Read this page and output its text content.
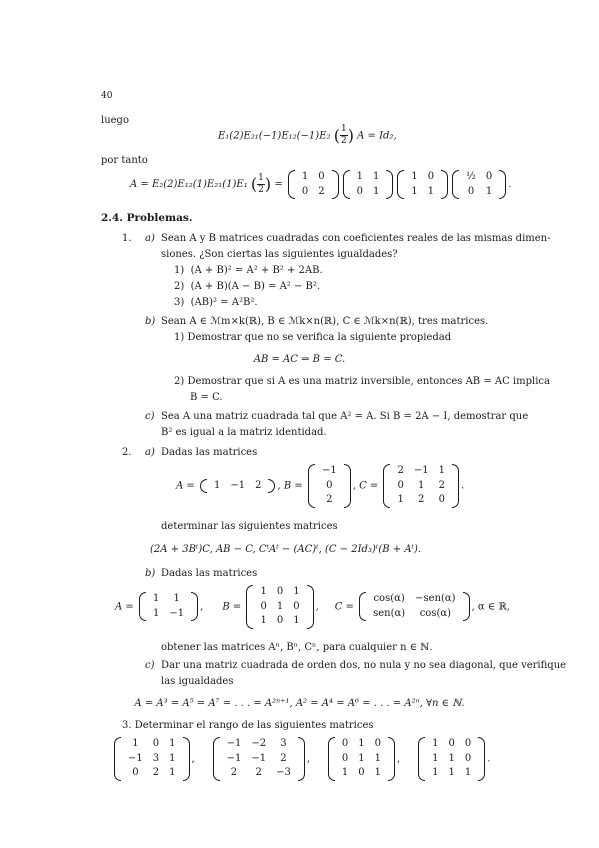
40
luego
E₁(2)E₂₁(−1)E₁₂(−1)E₂ ( $\frac{1}{2}$ ) A = Id₂,
por tanto
A = E₂(2)E₁₂(1)E₂₁(1)E₁ ( $\frac{1}{2}$ ) =
1	0
0	2
1	1
0	1
1	0
1	1
½	0
0	1
.
2.4. Problemas.
1. a) Sean A y B matrices cuadradas con coeficientes reales de las mismas dimen-
siones. ¿Son ciertas las siguientes igualdades?
1) (A + B)² = A² + B² + 2AB.
2) (A + B)(A − B) = A² − B².
3) (AB)² = A²B².
b) Sean A ∈ ℳm×k(ℝ), B ∈ ℳk×n(ℝ), C ∈ ℳk×n(ℝ), tres matrices.
1) Demostrar que no se verifica la siguiente propiedad
AB = AC ⇒ B = C.
2) Demostrar que si A es una matriz inversible, entonces AB = AC implica
B = C.
c) Sea A una matriz cuadrada tal que A² = A. Si B = 2A − I, demostrar que
B² es igual a la matriz identidad.
2. a) Dadas las matrices
A = 1	−1	2 , B =
−1
0
2
, C =
2	−1	1
0	1	2
1	2	0
.
determinar las siguientes matrices
(2A + 3Bᵗ)C, AB − C, CᵗAᵗ − (AC)ᵗ, (C − 2Id₃)ᵗ(B + Aᵗ).
b) Dadas las matrices
A =
1	1
1	−1
,      B =
1	0	1
0	1	0
1	0	1
,     C =
cos(α)	−sen(α)
sen(α)	cos(α)
, α ∈ ℝ,
obtener las matrices Aⁿ, Bⁿ, Cⁿ, para cualquier n ∈ ℕ.
c) Dar una matriz cuadrada de orden dos, no nula y no sea diagonal, que verifique
las igualdades
A = A³ = A⁵ = A⁷ = . . . = A²ⁿ⁺¹, A² = A⁴ = A⁶ = . . . = A²ⁿ, ∀n ∈ ℕ.
3. Determinar el rango de las siguientes matrices
1	0	1
−1	3	1
0	2	1
,
−1	−2	3
−1	−1	2
2	2	−3
,
0	1	0
0	1	1
1	0	1
,
1	0	0
1	1	0
1	1	1
.
